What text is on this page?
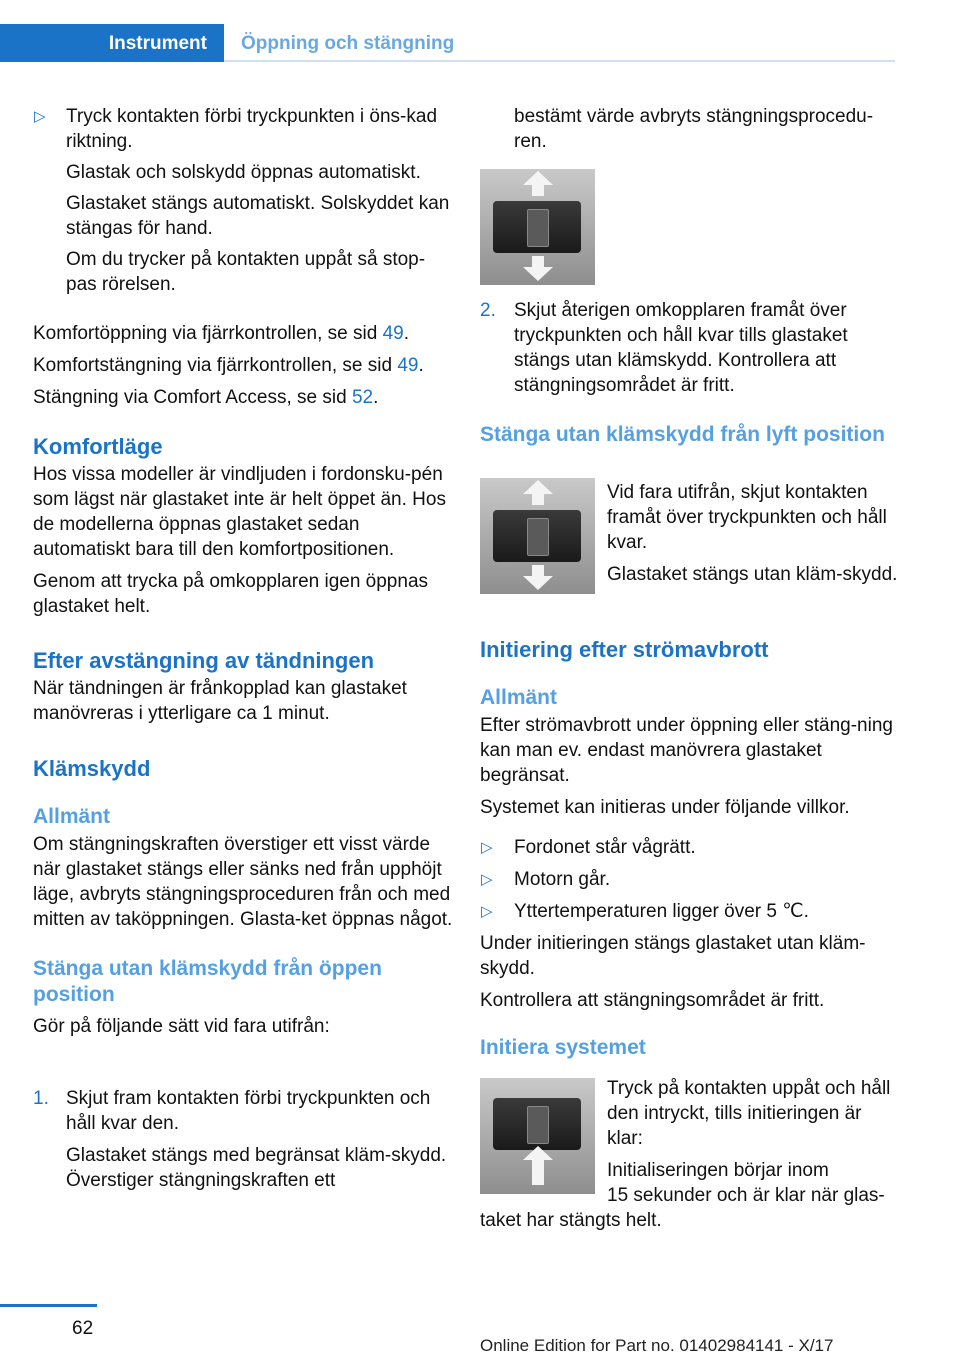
Instrument Öppning och stängning
▷ Tryck kontakten förbi tryckpunkten i öns-kad riktning.

Glastak och solskydd öppnas automatiskt.

Glastaket stängs automatiskt. Solskyddet kan stängas för hand.

Om du trycker på kontakten uppåt så stop-pas rörelsen.

Komfortöppning via fjärrkontrollen, se sid 49.

Komfortstängning via fjärrkontrollen, se sid 49.

Stängning via Comfort Access, se sid 52.

Komfortläge

Hos vissa modeller är vindljuden i fordonsku-pén som lägst när glastaket inte är helt öppet än. Hos de modellerna öppnas glastaket sedan automatiskt bara till den komfortpositionen.

Genom att trycka på omkopplaren igen öppnas glastaket helt.

Efter avstängning av tändningen

När tändningen är frånkopplad kan glastaket manövreras i ytterligare ca 1 minut.

Klämskydd

Allmänt

Om stängningskraften överstiger ett visst värde när glastaket stängs eller sänks ned från upphöjt läge, avbryts stängningsproceduren från och med mitten av taköppningen. Glasta-ket öppnas något.

Stänga utan klämskydd från öppen position

Gör på följande sätt vid fara utifrån:

1. Skjut fram kontakten förbi tryckpunkten och håll kvar den.

Glastaket stängs med begränsat kläm-skydd. Överstiger stängningskraften ett

bestämt värde avbryts stängningsprocedu-ren.

2. Skjut återigen omkopplaren framåt över tryckpunkten och håll kvar tills glastaket stängs utan klämskydd. Kontrollera att stängningsområdet är fritt.

Stänga utan klämskydd från lyft position

Vid fara utifrån, skjut kontakten framåt över tryckpunkten och håll kvar.

Glastaket stängs utan kläm-skydd.

Initiering efter strömavbrott

Allmänt

Efter strömavbrott under öppning eller stäng-ning kan man ev. endast manövrera glastaket begränsat.

Systemet kan initieras under följande villkor.

▷ Fordonet står vågrätt.
▷ Motorn går.
▷ Yttertemperaturen ligger över 5 ℃.

Under initieringen stängs glastaket utan kläm-skydd.

Kontrollera att stängningsområdet är fritt.

Initiera systemet

Tryck på kontakten uppåt och håll den intryckt, tills initieringen är klar:

Initialiseringen börjar inom

15 sekunder och är klar när glas-

taket har stängts helt.
62
Online Edition for Part no. 01402984141 - X/17
